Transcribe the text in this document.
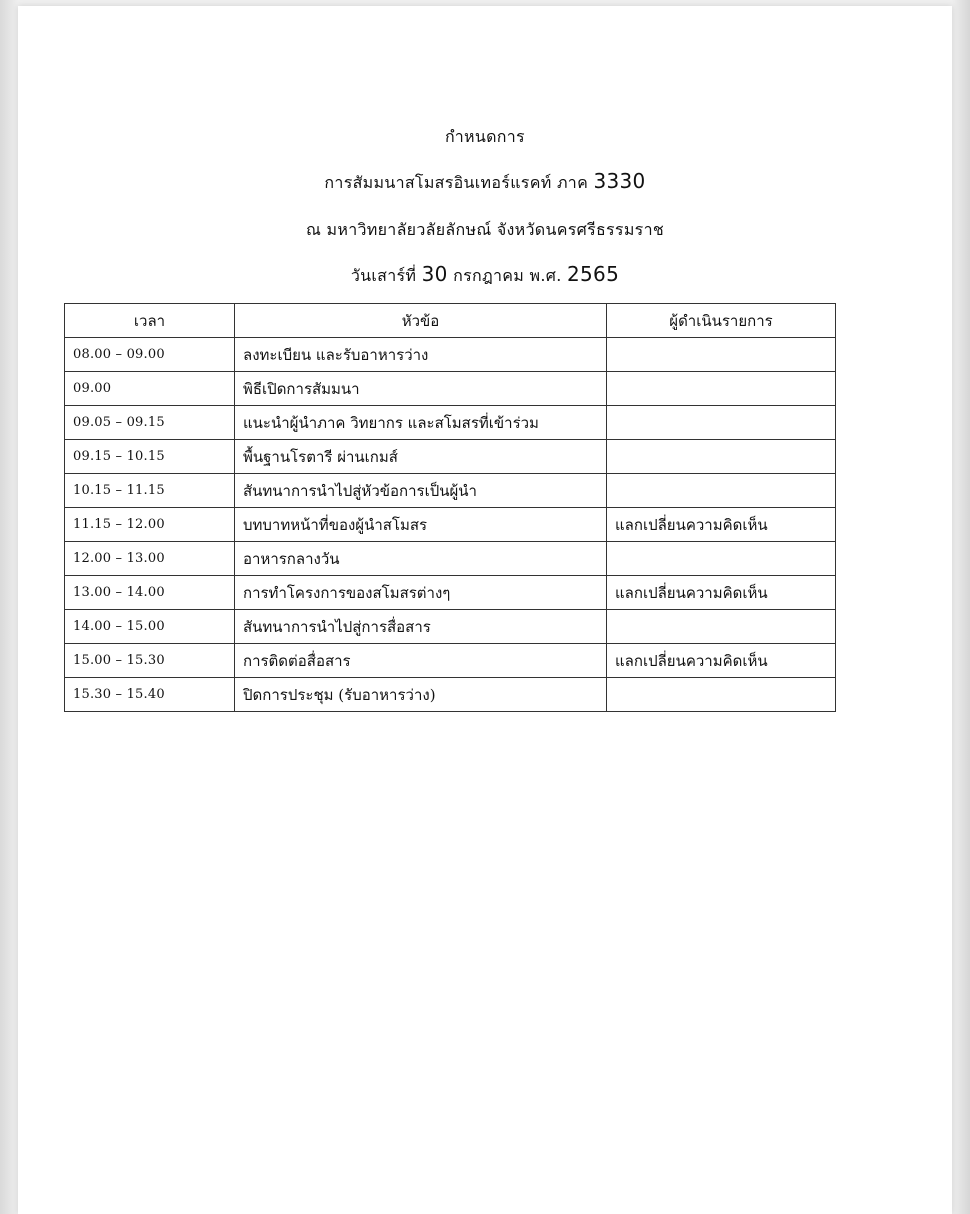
กำหนดการ
การสัมมนาสโมสรอินเทอร์แรคท์ ภาค 3330
ณ มหาวิทยาลัยวลัยลักษณ์ จังหวัดนครศรีธรรมราช
วันเสาร์ที่ 30 กรกฎาคม พ.ศ. 2565
เวลา	หัวข้อ	ผู้ดำเนินรายการ
08.00 – 09.00	ลงทะเบียน และรับอาหารว่าง	
09.00	พิธีเปิดการสัมมนา	
09.05 – 09.15	แนะนำผู้นำภาค วิทยากร และสโมสรที่เข้าร่วม	
09.15 – 10.15	พื้นฐานโรตารี ผ่านเกมส์	
10.15 – 11.15	สันทนาการนำไปสู่หัวข้อการเป็นผู้นำ	
11.15 – 12.00	บทบาทหน้าที่ของผู้นำสโมสร	แลกเปลี่ยนความคิดเห็น
12.00 – 13.00	อาหารกลางวัน	
13.00 – 14.00	การทำโครงการของสโมสรต่างๆ	แลกเปลี่ยนความคิดเห็น
14.00 – 15.00	สันทนาการนำไปสู่การสื่อสาร	
15.00 – 15.30	การติดต่อสื่อสาร	แลกเปลี่ยนความคิดเห็น
15.30 – 15.40	ปิดการประชุม (รับอาหารว่าง)	
